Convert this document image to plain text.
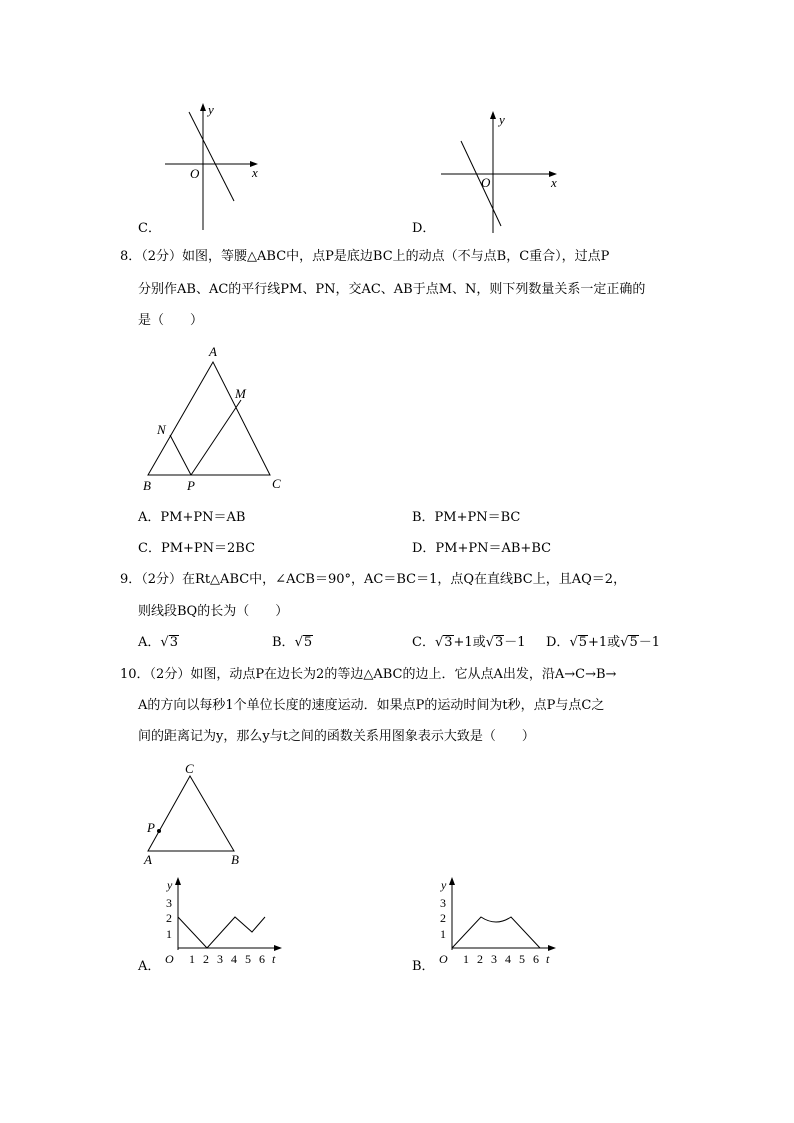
y
x
O
C．
y
x
O
D．
8．（2分）如图，等腰△ABC中，点P是底边BC上的动点（不与点B，C重合），过点P
分别作AB、AC的平行线PM、PN，交AC、AB于点M、N，则下列数量关系一定正确的
是（　　）
A
M
N
B	P	C
A．PM+PN＝AB	B．PM+PN＝BC
C．PM+PN＝2BC	D．PM+PN＝AB+BC
9．（2分）在Rt△ABC中，∠ACB＝90°，AC＝BC＝1，点Q在直线BC上，且AQ＝2，
则线段BQ的长为（　　）
A．√3	B．√5	C．√3+1或√3－1 D．√5+1或√5－1
10．（2分）如图，动点P在边长为2的等边△ABC的边上．它从点A出发，沿A→C→B→
A的方向以每秒1个单位长度的速度运动．如果点P的运动时间为t秒，点P与点C之
间的距离记为y，那么y与t之间的函数关系用图象表示大致是（　　）
C
P
A	B
y
3
2
1
O 1 2 3 4 5 6 t
A．
y
3
2
1
O 1 2 3 4 5 6 t
B．
